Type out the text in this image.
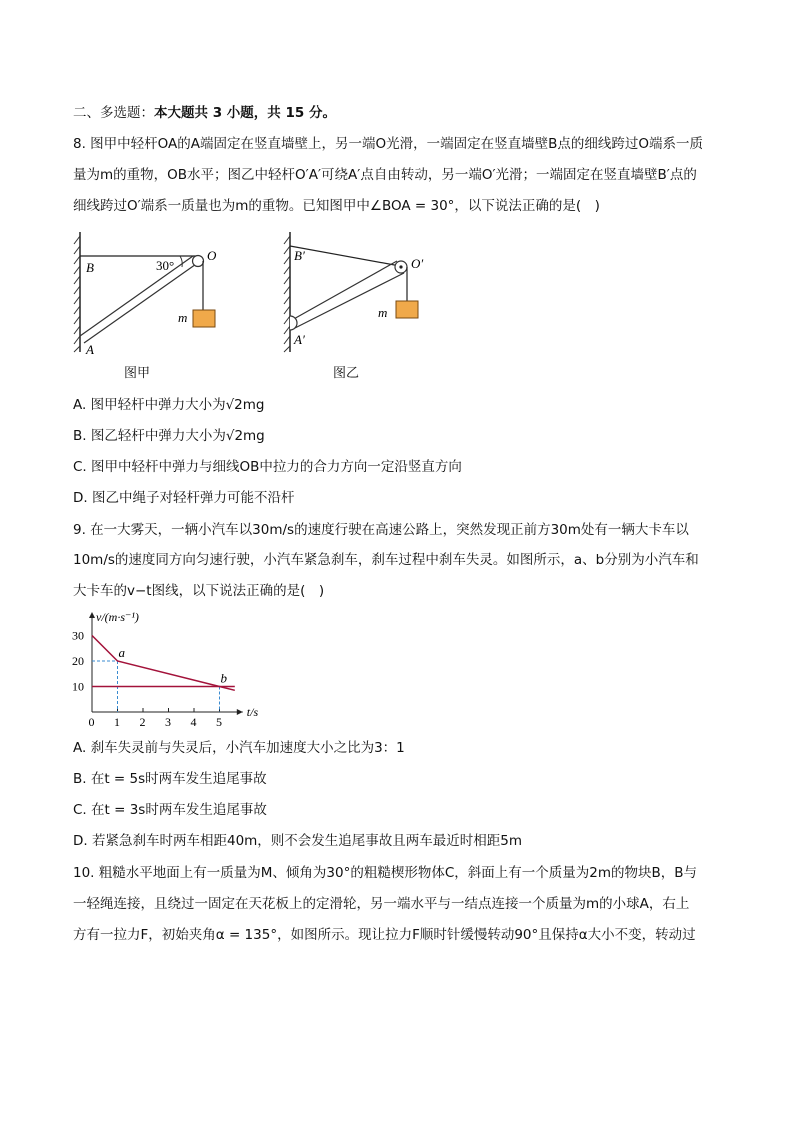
二、多选题：本大题共 3 小题，共 15 分。
8. 图甲中轻杆OA的A端固定在竖直墙壁上，另一端O光滑，一端固定在竖直墙壁B点的细线跨过O端系一质
量为m的重物，OB水平；图乙中轻杆O′A′可绕A′点自由转动，另一端O′光滑；一端固定在竖直墙壁B′点的
细线跨过O′端系一质量也为m的重物。已知图甲中∠BOA = 30°，以下说法正确的是(　)
B
A
O
m
30°
图甲
B′
A′
O′
m
图乙
A. 图甲轻杆中弹力大小为√2mg
B. 图乙轻杆中弹力大小为√2mg
C. 图甲中轻杆中弹力与细线OB中拉力的合力方向一定沿竖直方向
D. 图乙中绳子对轻杆弹力可能不沿杆
9. 在一大雾天，一辆小汽车以30m/s的速度行驶在高速公路上，突然发现正前方30m处有一辆大卡车以
10m/s的速度同方向匀速行驶，小汽车紧急刹车，刹车过程中刹车失灵。如图所示，a、b分别为小汽车和
大卡车的v−t图线，以下说法正确的是(　)
t/s
v/(m·s⁻¹)
0 1 2 3 4 5
10
20
30
a
b
A. 刹车失灵前与失灵后，小汽车加速度大小之比为3：1
B. 在t = 5s时两车发生追尾事故
C. 在t = 3s时两车发生追尾事故
D. 若紧急刹车时两车相距40m，则不会发生追尾事故且两车最近时相距5m
10. 粗糙水平地面上有一质量为M、倾角为30°的粗糙楔形物体C，斜面上有一个质量为2m的物块B，B与
一轻绳连接，且绕过一固定在天花板上的定滑轮，另一端水平与一结点连接一个质量为m的小球A，右上
方有一拉力F，初始夹角α = 135°，如图所示。现让拉力F顺时针缓慢转动90°且保持α大小不变，转动过
